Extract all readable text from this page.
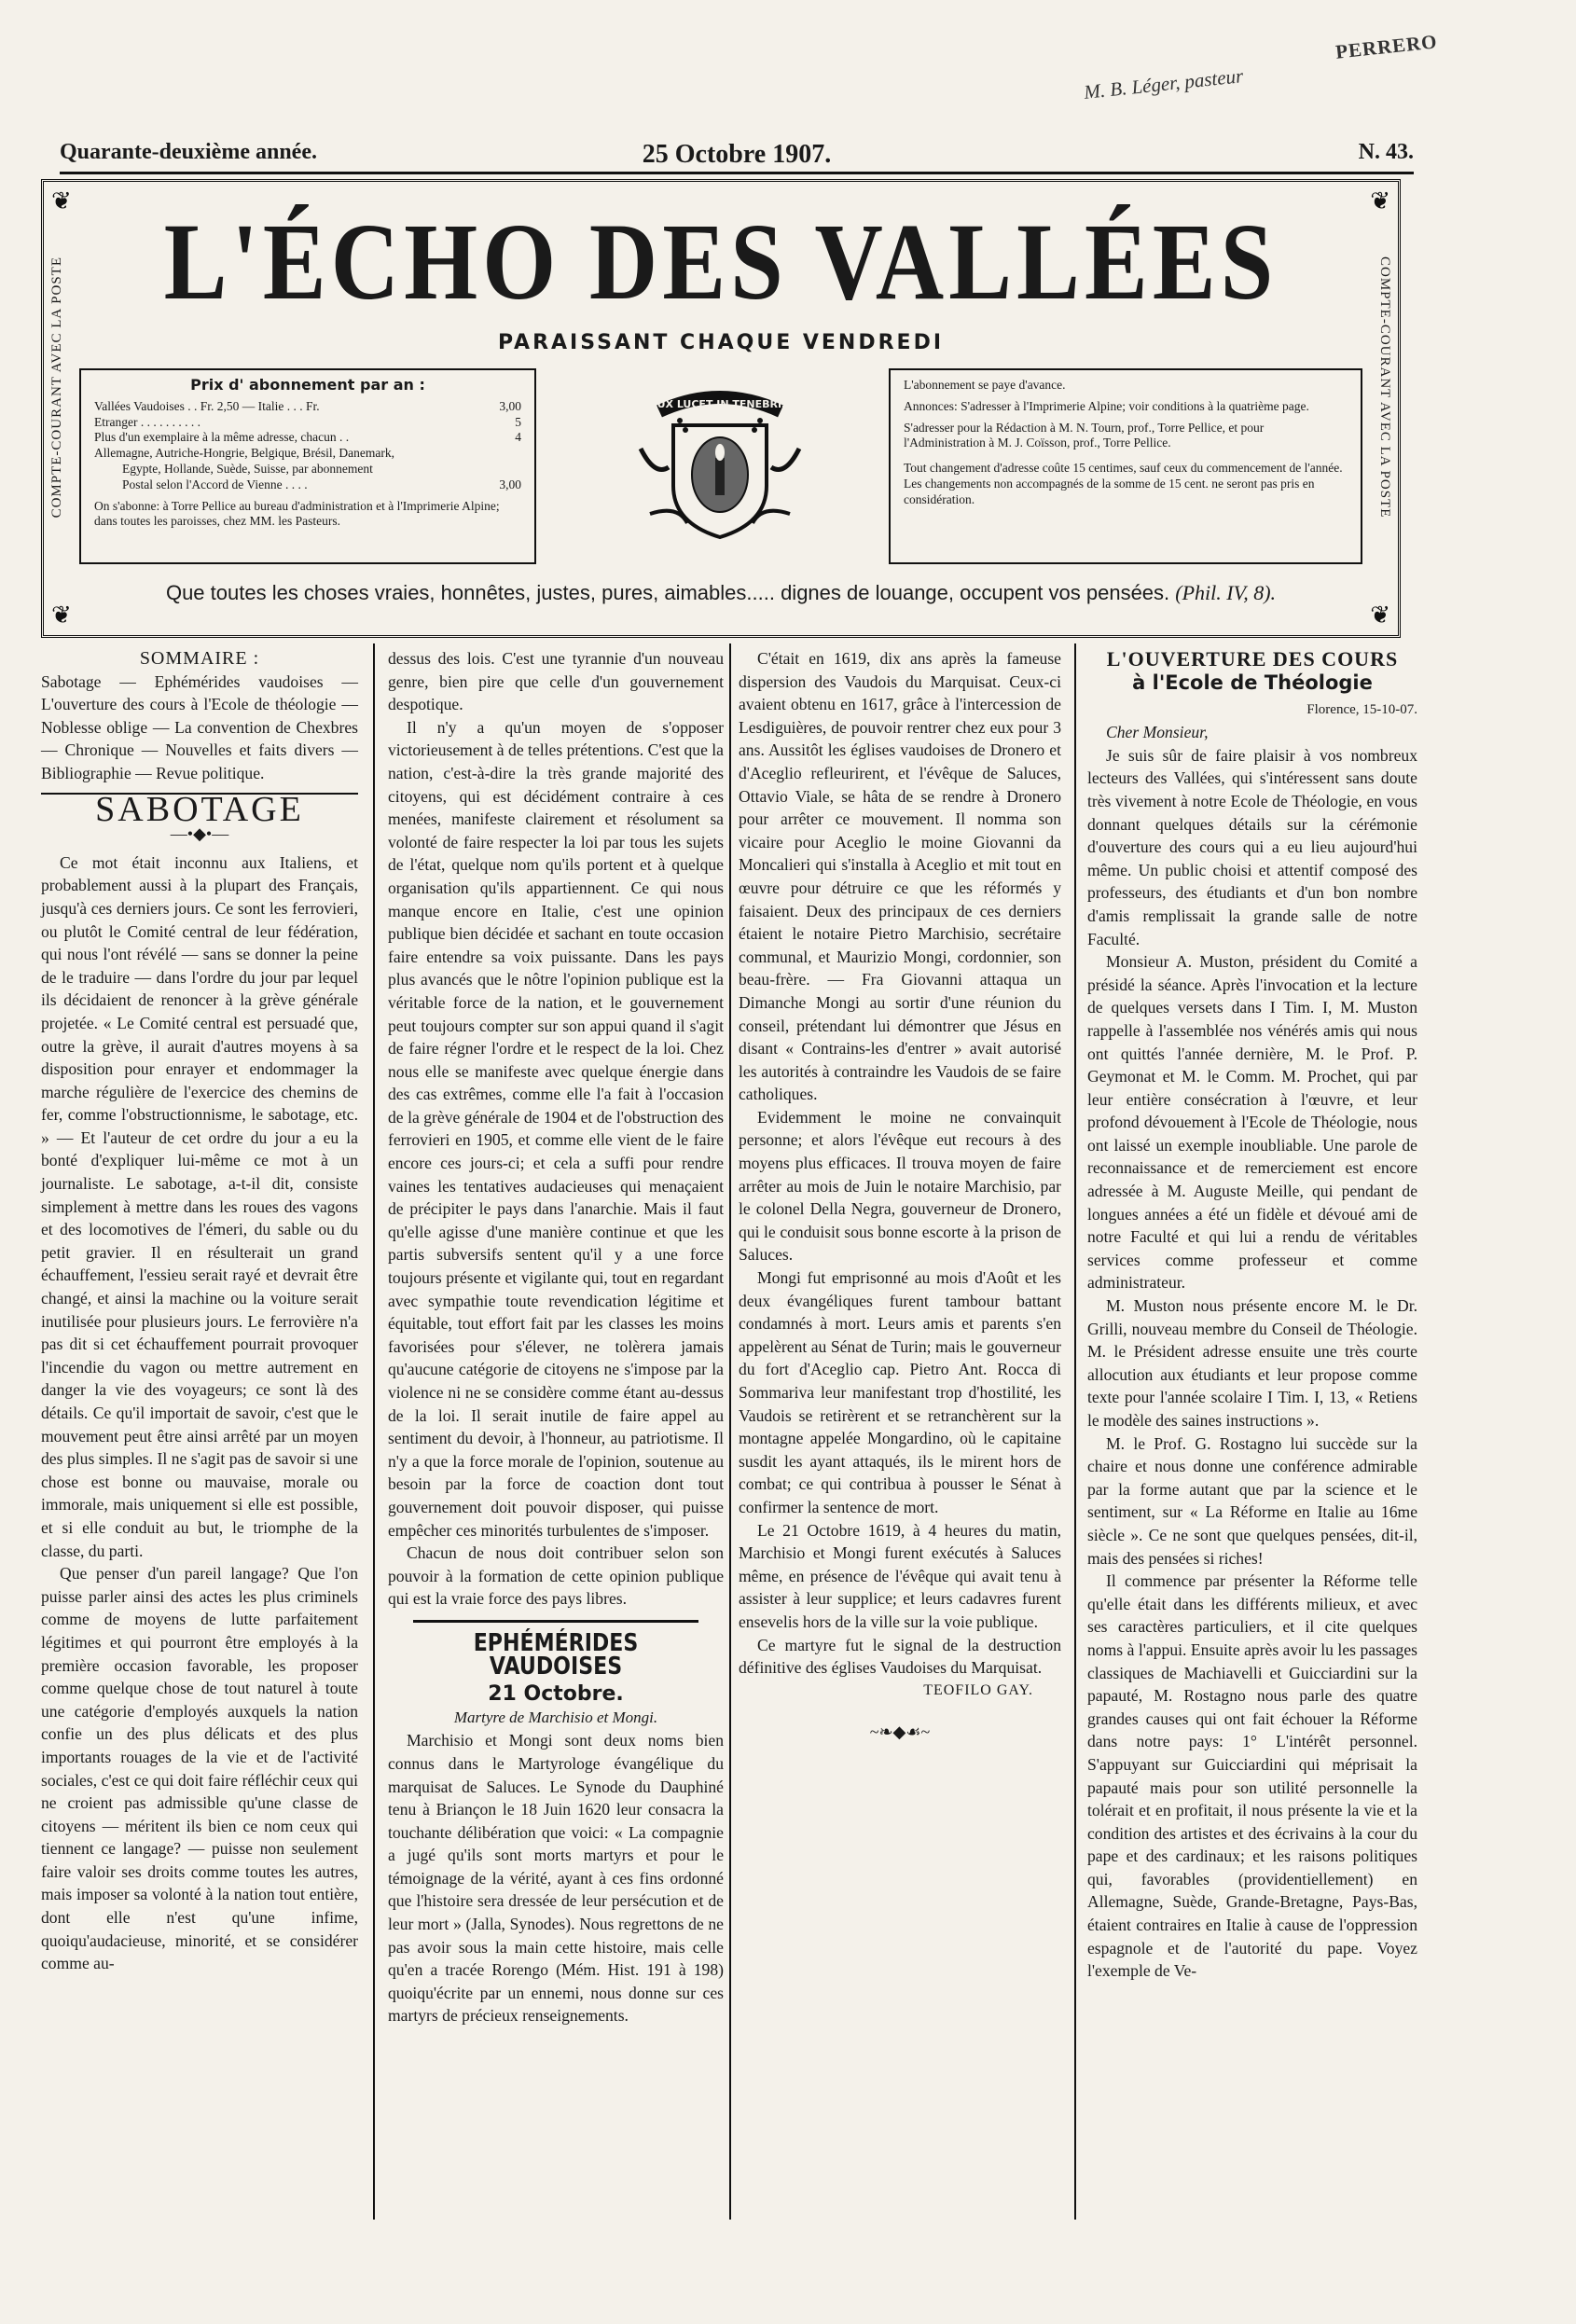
M. B. Léger, pasteur
PERRERO
25 Octobre 1907.
Quarante-deuxième année.	N. 43.
COMPTE-COURANT AVEC LA POSTE	COMPTE-COURANT AVEC LA POSTE
❦	❦
❦	❦
L'ÉCHO DES VALLÉES
PARAISSANT CHAQUE VENDREDI
Prix d' abonnement par an :
Vallées Vaudoises . . Fr. 2,50 — Italie . . . Fr.	3,00
Etranger . . . . . . . . . .	5
Plus d'un exemplaire à la même adresse, chacun . .	4
Allemagne, Autriche-Hongrie, Belgique, Brésil, Danemark,
Egypte, Hollande, Suède, Suisse, par abonnement
Postal selon l'Accord de Vienne . . . .	3,00
On s'abonne: à Torre Pellice au bureau d'administration et à l'Imprimerie Alpine; dans toutes les paroisses, chez MM. les Pasteurs.
LUX LUCET IN TENEBRIS
L'abonnement se paye d'avance.
Annonces: S'adresser à l'Imprimerie Alpine; voir conditions à la quatrième page.
S'adresser pour la Rédaction à M. N. Tourn, prof., Torre Pellice, et pour l'Administration à M. J. Coïsson, prof., Torre Pellice.
Tout changement d'adresse coûte 15 centimes, sauf ceux du commencement de l'année.
Les changements non accompagnés de la somme de 15 cent. ne seront pas pris en considération.
Que toutes les choses vraies, honnêtes, justes, pures, aimables..... dignes de louange, occupent vos pensées. (Phil. IV, 8).
SOMMAIRE :

Sabotage — Ephémérides vaudoises — L'ouverture des cours à l'Ecole de théologie — Noblesse oblige — La convention de Chexbres — Chronique — Nouvelles et faits divers — Bibliographie — Revue politique.

SABOTAGE
—•◆•—

Ce mot était inconnu aux Italiens, et probablement aussi à la plupart des Français, jusqu'à ces derniers jours. Ce sont les ferrovieri, ou plutôt le Comité central de leur fédération, qui nous l'ont révélé — sans se donner la peine de le traduire — dans l'ordre du jour par lequel ils décidaient de renoncer à la grève générale projetée. « Le Comité central est persuadé que, outre la grève, il aurait d'autres moyens à sa disposition pour enrayer et endommager la marche régulière de l'exercice des chemins de fer, comme l'obstructionnisme, le sabotage, etc. » — Et l'auteur de cet ordre du jour a eu la bonté d'expliquer lui-même ce mot à un journaliste. Le sabotage, a-t-il dit, consiste simplement à mettre dans les roues des vagons et des locomotives de l'émeri, du sable ou du petit gravier. Il en résulterait un grand échauffement, l'essieu serait rayé et devrait être changé, et ainsi la machine ou la voiture serait inutilisée pour plusieurs jours. Le ferrovière n'a pas dit si cet échauffement pourrait provoquer l'incendie du vagon ou mettre autrement en danger la vie des voyageurs; ce sont là des détails. Ce qu'il importait de savoir, c'est que le mouvement peut être ainsi arrêté par un moyen des plus simples. Il ne s'agit pas de savoir si une chose est bonne ou mauvaise, morale ou immorale, mais uniquement si elle est possible, et si elle conduit au but, le triomphe de la classe, du parti.

Que penser d'un pareil langage? Que l'on puisse parler ainsi des actes les plus criminels comme de moyens de lutte parfaitement légitimes et qui pourront être employés à la première occasion favorable, les proposer comme quelque chose de tout naturel à toute une catégorie d'employés auxquels la nation confie un des plus délicats et des plus importants rouages de la vie et de l'activité sociales, c'est ce qui doit faire réfléchir ceux qui ne croient pas admissible qu'une classe de citoyens — méritent ils bien ce nom ceux qui tiennent ce langage? — puisse non seulement faire valoir ses droits comme toutes les autres, mais imposer sa volonté à la nation tout entière, dont elle n'est qu'une infime, quoiqu'audacieuse, minorité, et se considérer comme au-

dessus des lois. C'est une tyrannie d'un nouveau genre, bien pire que celle d'un gouvernement despotique.

Il n'y a qu'un moyen de s'opposer victorieusement à de telles prétentions. C'est que la nation, c'est-à-dire la très grande majorité des citoyens, qui est décidément contraire à ces menées, manifeste clairement et résolument sa volonté de faire respecter la loi par tous les sujets de l'état, quelque nom qu'ils portent et à quelque organisation qu'ils appartiennent. Ce qui nous manque encore en Italie, c'est une opinion publique bien décidée et sachant en toute occasion faire entendre sa voix puissante. Dans les pays plus avancés que le nôtre l'opinion publique est la véritable force de la nation, et le gouvernement peut toujours compter sur son appui quand il s'agit de faire régner l'ordre et le respect de la loi. Chez nous elle se manifeste avec quelque énergie dans des cas extrêmes, comme elle l'a fait à l'occasion de la grève générale de 1904 et de l'obstruction des ferrovieri en 1905, et comme elle vient de le faire encore ces jours-ci; et cela a suffi pour rendre vaines les tentatives audacieuses qui menaçaient de précipiter le pays dans l'anarchie. Mais il faut qu'elle agisse d'une manière continue et que les partis subversifs sentent qu'il y a une force toujours présente et vigilante qui, tout en regardant avec sympathie toute revendication légitime et équitable, tout effort fait par les classes les moins favorisées pour s'élever, ne tolèrera jamais qu'aucune catégorie de citoyens ne s'impose par la violence ni ne se considère comme étant au-dessus de la loi. Il serait inutile de faire appel au sentiment du devoir, à l'honneur, au patriotisme. Il n'y a que la force morale de l'opinion, soutenue au besoin par la force de coaction dont tout gouvernement doit pouvoir disposer, qui puisse empêcher ces minorités turbulentes de s'imposer.

Chacun de nous doit contribuer selon son pouvoir à la formation de cette opinion publique qui est la vraie force des pays libres.

EPHÉMÉRIDES VAUDOISES
21 Octobre.
Martyre de Marchisio et Mongi.

Marchisio et Mongi sont deux noms bien connus dans le Martyrologe évangélique du marquisat de Saluces. Le Synode du Dauphiné tenu à Briançon le 18 Juin 1620 leur consacra la touchante délibération que voici: « La compagnie a jugé qu'ils sont morts martyrs et pour le témoignage de la vérité, ayant à ces fins ordonné que l'histoire sera dressée de leur persécution et de leur mort » (Jalla, Synodes). Nous regrettons de ne pas avoir sous la main cette histoire, mais celle qu'en a tracée Rorengo (Mém. Hist. 191 à 198) quoiqu'écrite par un ennemi, nous donne sur ces martyrs de précieux renseignements.

C'était en 1619, dix ans après la fameuse dispersion des Vaudois du Marquisat. Ceux-ci avaient obtenu en 1617, grâce à l'intercession de Lesdiguières, de pouvoir rentrer chez eux pour 3 ans. Aussitôt les églises vaudoises de Dronero et d'Aceglio refleurirent, et l'évêque de Saluces, Ottavio Viale, se hâta de se rendre à Dronero pour arrêter ce mouvement. Il nomma son vicaire pour Aceglio le moine Giovanni da Moncalieri qui s'installa à Aceglio et mit tout en œuvre pour détruire ce que les réformés y faisaient. Deux des principaux de ces derniers étaient le notaire Pietro Marchisio, secrétaire communal, et Maurizio Mongi, cordonnier, son beau-frère. — Fra Giovanni attaqua un Dimanche Mongi au sortir d'une réunion du conseil, prétendant lui démontrer que Jésus en disant « Contrains-les d'entrer » avait autorisé les autorités à contraindre les Vaudois de se faire catholiques.

Evidemment le moine ne convainquit personne; et alors l'évêque eut recours à des moyens plus efficaces. Il trouva moyen de faire arrêter au mois de Juin le notaire Marchisio, par le colonel Della Negra, gouverneur de Dronero, qui le conduisit sous bonne escorte à la prison de Saluces.

Mongi fut emprisonné au mois d'Août et les deux évangéliques furent tambour battant condamnés à mort. Leurs amis et parents s'en appelèrent au Sénat de Turin; mais le gouverneur du fort d'Aceglio cap. Pietro Ant. Rocca di Sommariva leur manifestant trop d'hostilité, les Vaudois se retirèrent et se retranchèrent sur la montagne appelée Mongardino, où le capitaine susdit les ayant attaqués, ils le mirent hors de combat; ce qui contribua à pousser le Sénat à confirmer la sentence de mort.

Le 21 Octobre 1619, à 4 heures du matin, Marchisio et Mongi furent exécutés à Saluces même, en présence de l'évêque qui avait tenu à assister à leur supplice; et leurs cadavres furent ensevelis hors de la ville sur la voie publique.

Ce martyre fut le signal de la destruction définitive des églises Vaudoises du Marquisat.

TEOFILO GAY.
~❧◆☙~
L'OUVERTURE DES COURS
à l'Ecole de Théologie
Florence, 15-10-07.

Cher Monsieur,

Je suis sûr de faire plaisir à vos nombreux lecteurs des Vallées, qui s'intéressent sans doute très vivement à notre Ecole de Théologie, en vous donnant quelques détails sur la cérémonie d'ouverture des cours qui a eu lieu aujourd'hui même. Un public choisi et attentif composé des professeurs, des étudiants et d'un bon nombre d'amis remplissait la grande salle de notre Faculté.

Monsieur A. Muston, président du Comité a présidé la séance. Après l'invocation et la lecture de quelques versets dans I Tim. I, M. Muston rappelle à l'assemblée nos vénérés amis qui nous ont quittés l'année dernière, M. le Prof. P. Geymonat et M. le Comm. M. Prochet, qui par leur entière consécration à l'œuvre, et leur profond dévouement à l'Ecole de Théologie, nous ont laissé un exemple inoubliable. Une parole de reconnaissance et de remerciement est encore adressée à M. Auguste Meille, qui pendant de longues années a été un fidèle et dévoué ami de notre Faculté et qui lui a rendu de véritables services comme professeur et comme administrateur.

M. Muston nous présente encore M. le Dr. Grilli, nouveau membre du Conseil de Théologie. M. le Président adresse ensuite une très courte allocution aux étudiants et leur propose comme texte pour l'année scolaire I Tim. I, 13, « Retiens le modèle des saines instructions ».

M. le Prof. G. Rostagno lui succède sur la chaire et nous donne une conférence admirable par la forme autant que par la science et le sentiment, sur « La Réforme en Italie au 16me siècle ». Ce ne sont que quelques pensées, dit-il, mais des pensées si riches!

Il commence par présenter la Réforme telle qu'elle était dans les différents milieux, et avec ses caractères particuliers, et il cite quelques noms à l'appui. Ensuite après avoir lu les passages classiques de Machiavelli et Guicciardini sur la papauté, M. Rostagno nous parle des quatre grandes causes qui ont fait échouer la Réforme dans notre pays: 1° L'intérêt personnel. S'appuyant sur Guicciardini qui méprisait la papauté mais pour son utilité personnelle la tolérait et en profitait, il nous présente la vie et la condition des artistes et des écrivains à la cour du pape et des cardinaux; et les raisons politiques qui, favorables (providentiellement) en Allemagne, Suède, Grande-Bretagne, Pays-Bas, étaient contraires en Italie à cause de l'oppression espagnole et de l'autorité du pape. Voyez l'exemple de Ve-
